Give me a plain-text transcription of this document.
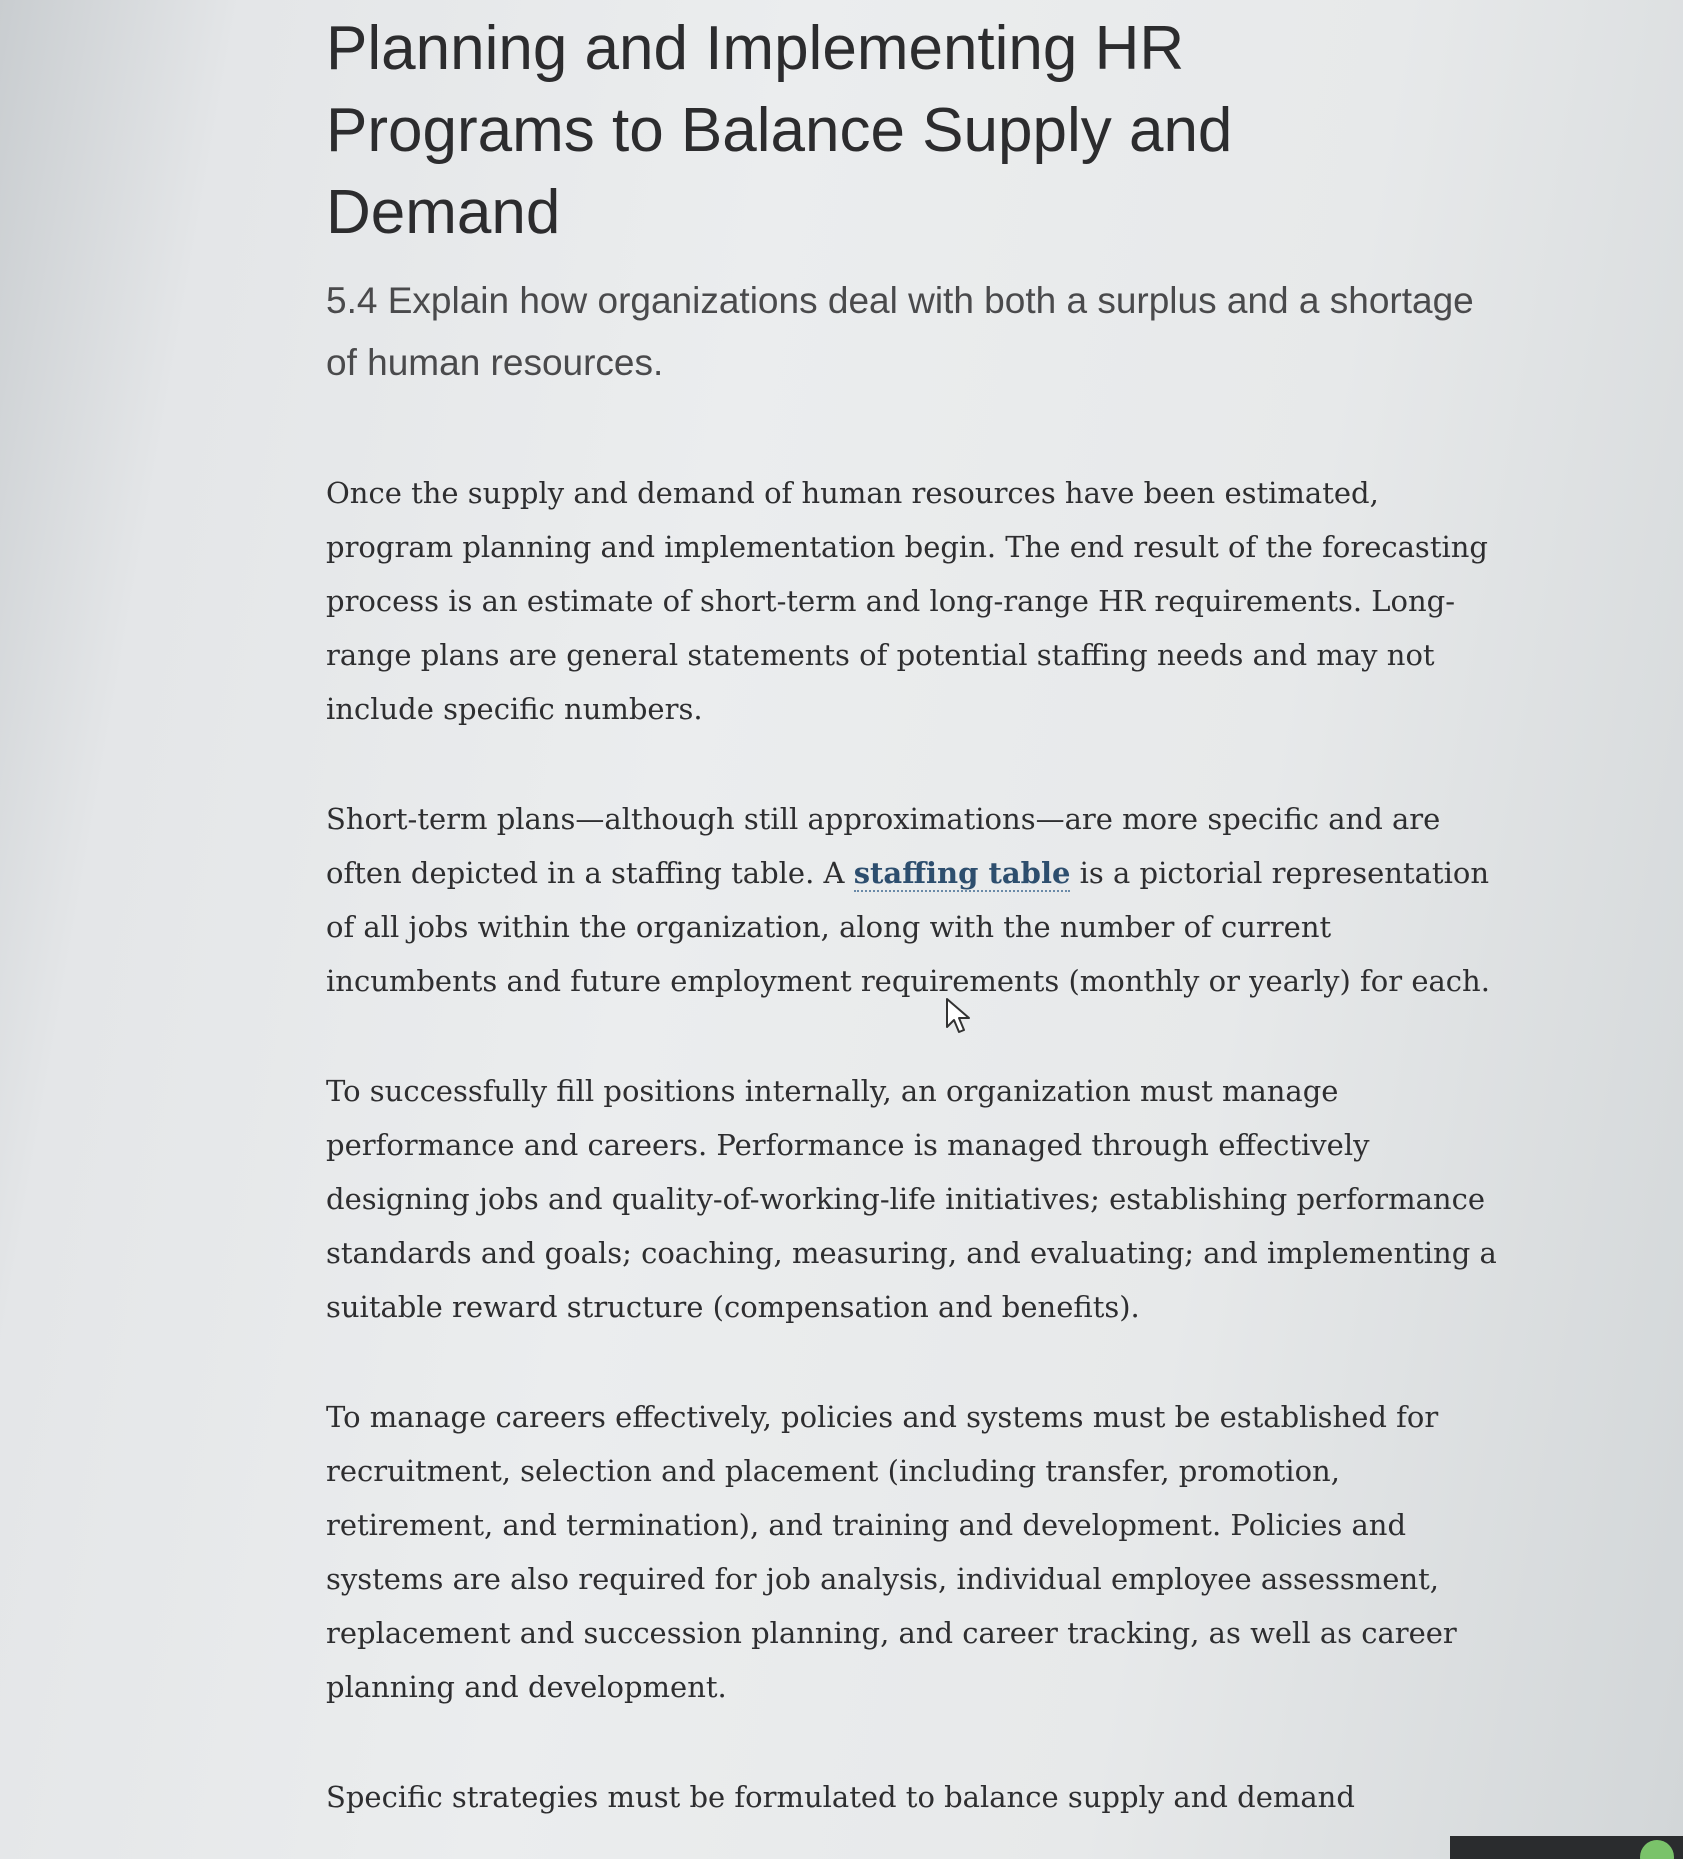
Planning and Implementing HR Programs to Balance Supply and Demand
5.4 Explain how organizations deal with both a surplus and a shortage of human resources.

Once the supply and demand of human resources have been estimated, program planning and implementation begin. The end result of the forecasting process is an estimate of short-term and long-range HR requirements. Long-range plans are general statements of potential staffing needs and may not include specific numbers.

Short-term plans—although still approximations—are more specific and are often depicted in a staffing table. A staffing table is a pictorial representation of all jobs within the organization, along with the number of current incumbents and future employment requirements (monthly or yearly) for each.

To successfully fill positions internally, an organization must manage performance and careers. Performance is managed through effectively designing jobs and quality-of-working-life initiatives; establishing performance standards and goals; coaching, measuring, and evaluating; and implementing a suitable reward structure (compensation and benefits).

To manage careers effectively, policies and systems must be established for recruitment, selection and placement (including transfer, promotion, retirement, and termination), and training and development. Policies and systems are also required for job analysis, individual employee assessment, replacement and succession planning, and career tracking, as well as career planning and development.

Specific strategies must be formulated to balance supply and demand
